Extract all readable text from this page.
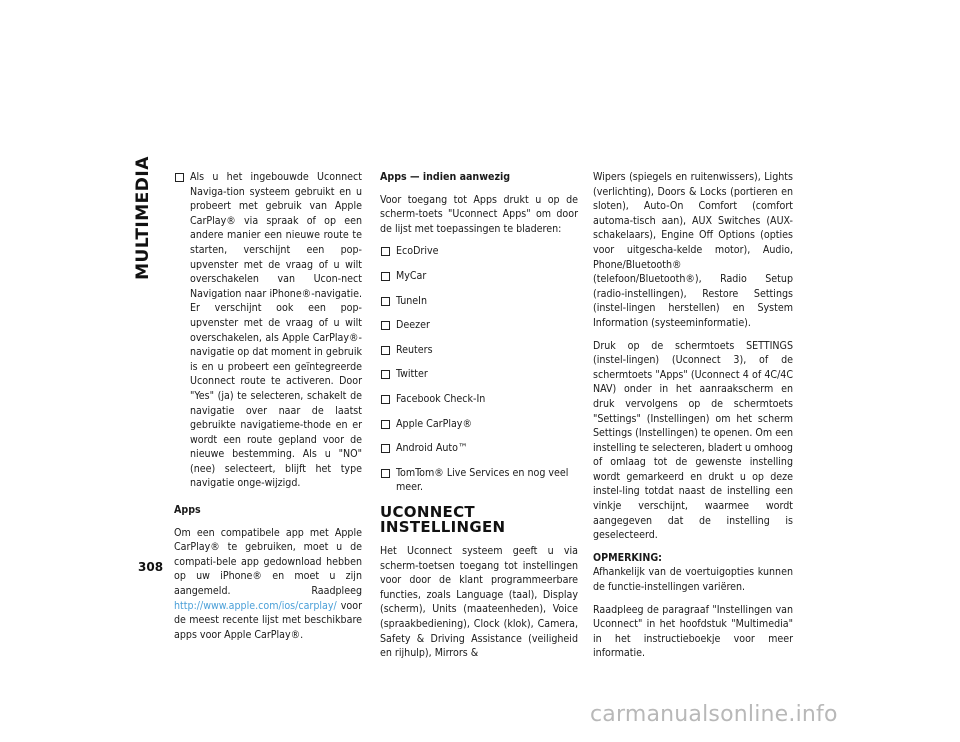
MULTIMEDIA
308
Als u het ingebouwde Uconnect Naviga-tion systeem gebruikt en u probeert met gebruik van Apple CarPlay® via spraak of op een andere manier een nieuwe route te starten, verschijnt een pop-upvenster met de vraag of u wilt overschakelen van Ucon-nect Navigation naar iPhone®-navigatie. Er verschijnt ook een pop-upvenster met de vraag of u wilt overschakelen, als Apple CarPlay®-navigatie op dat moment in gebruik is en u probeert een geïntegreerde Uconnect route te activeren. Door "Yes" (ja) te selecteren, schakelt de navigatie over naar de laatst gebruikte navigatieme-thode en er wordt een route gepland voor de nieuwe bestemming. Als u "NO" (nee) selecteert, blijft het type navigatie onge-wijzigd.
Apps

Om een compatibele app met Apple CarPlay® te gebruiken, moet u de compati-bele app gedownload hebben op uw iPhone® en moet u zijn aangemeld. Raadpleeg http://www.apple.com/ios/carplay/ voor de meest recente lijst met beschikbare apps voor Apple CarPlay®.

Apps — indien aanwezig

Voor toegang tot Apps drukt u op de scherm-toets "Uconnect Apps" om door de lijst met toepassingen te bladeren:

EcoDrive
MyCar
TuneIn
Deezer
Reuters
Twitter
Facebook Check-In
Apple CarPlay®
Android Auto™
TomTom® Live Services en nog veel meer.
UCONNECT INSTELLINGEN

Het Uconnect systeem geeft u via scherm-toetsen toegang tot instellingen voor door de klant programmeerbare functies, zoals Language (taal), Display (scherm), Units (maateenheden), Voice (spraakbediening), Clock (klok), Camera, Safety & Driving Assistance (veiligheid en rijhulp), Mirrors &

Wipers (spiegels en ruitenwissers), Lights (verlichting), Doors & Locks (portieren en sloten), Auto-On Comfort (comfort automa-tisch aan), AUX Switches (AUX-schakelaars), Engine Off Options (opties voor uitgescha-kelde motor), Audio, Phone/Bluetooth® (telefoon/Bluetooth®), Radio Setup (radio-instellingen), Restore Settings (instel-lingen herstellen) en System Information (systeeminformatie).

Druk op de schermtoets SETTINGS (instel-lingen) (Uconnect 3), of de schermtoets "Apps" (Uconnect 4 of 4C/4C NAV) onder in het aanraakscherm en druk vervolgens op de schermtoets "Settings" (Instellingen) om het scherm Settings (Instellingen) te openen. Om een instelling te selecteren, bladert u omhoog of omlaag tot de gewenste instelling wordt gemarkeerd en drukt u op deze instel-ling totdat naast de instelling een vinkje verschijnt, waarmee wordt aangegeven dat de instelling is geselecteerd.

OPMERKING:
Afhankelijk van de voertuigopties kunnen de functie-instellingen variëren.

Raadpleeg de paragraaf "Instellingen van Uconnect" in het hoofdstuk "Multimedia" in het instructieboekje voor meer informatie.

carmanualsonline.info
